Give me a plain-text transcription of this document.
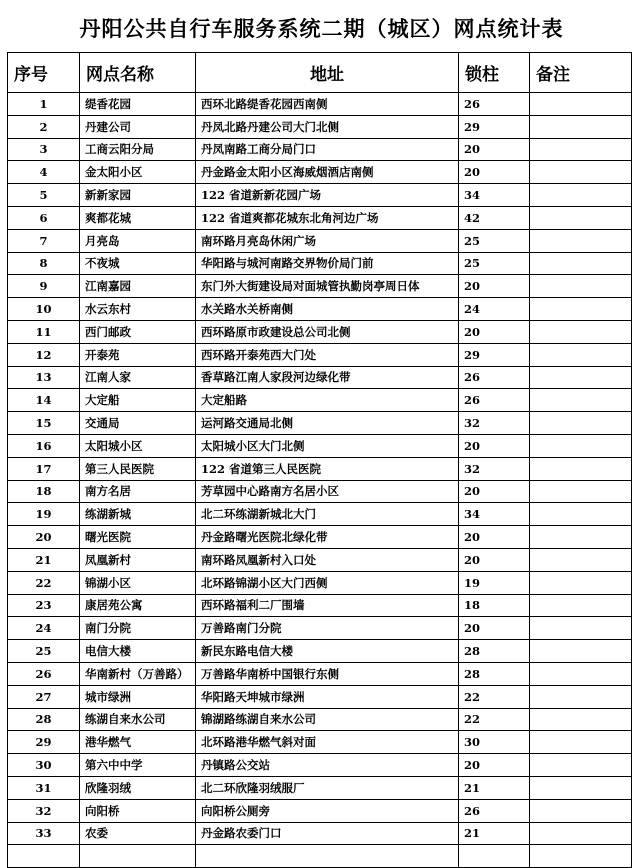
丹阳公共自行车服务系统二期（城区）网点统计表
序号	网点名称	地址	锁柱	备注
1	缇香花园	西环北路缇香花园西南侧	26	
2	丹建公司	丹凤北路丹建公司大门北侧	29	
3	工商云阳分局	丹凤南路工商分局门口	20	
4	金太阳小区	丹金路金太阳小区海威烟酒店南侧	20	
5	新新家园	122 省道新新花园广场	34	
6	爽都花城	122 省道爽都花城东北角河边广场	42	
7	月亮岛	南环路月亮岛休闲广场	25	
8	不夜城	华阳路与城河南路交界物价局门前	25	
9	江南嘉园	东门外大街建设局对面城管执勤岗亭周日体	20	
10	水云东村	水关路水关桥南侧	24	
11	西门邮政	西环路原市政建设总公司北侧	20	
12	开泰苑	西环路开泰苑西大门处	29	
13	江南人家	香草路江南人家段河边绿化带	26	
14	大定船	大定船路	26	
15	交通局	运河路交通局北侧	32	
16	太阳城小区	太阳城小区大门北侧	20	
17	第三人民医院	122 省道第三人民医院	32	
18	南方名居	芳草园中心路南方名居小区	20	
19	练湖新城	北二环练湖新城北大门	34	
20	曙光医院	丹金路曙光医院北绿化带	20	
21	凤凰新村	南环路凤凰新村入口处	20	
22	锦湖小区	北环路锦湖小区大门西侧	19	
23	康居苑公寓	西环路福利二厂围墙	18	
24	南门分院	万善路南门分院	20	
25	电信大楼	新民东路电信大楼	28	
26	华南新村（万善路）	万善路华南桥中国银行东侧	28	
27	城市绿洲	华阳路天坤城市绿洲	22	
28	练湖自来水公司	锦湖路练湖自来水公司	22	
29	港华燃气	北环路港华燃气斜对面	30	
30	第六中中学	丹镇路公交站	20	
31	欣隆羽绒	北二环欣隆羽绒服厂	21	
32	向阳桥	向阳桥公厕旁	26	
33	农委	丹金路农委门口	21	
